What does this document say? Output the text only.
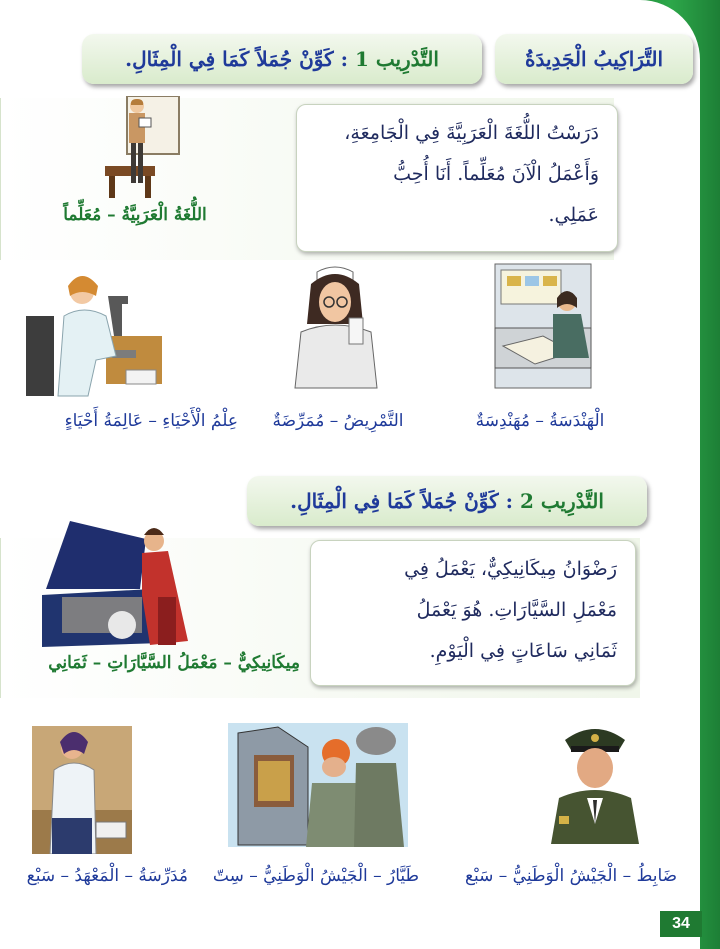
التَّرَاكِيبُ الْجَدِيدَةُ
التَّدْرِيب 1
:
كَوِّنْ جُمَلاً كَمَا فِي الْمِثَالِ.
دَرَسْتُ اللُّغَةَ الْعَرَبِيَّةَ فِي الْجَامِعَةِ،
وَأَعْمَلُ الْآنَ مُعَلِّماً. أَنَا أُحِبُّ
عَمَلِي.
اللُّغَةُ الْعَرَبِيَّةُ – مُعَلِّماً
الْهَنْدَسَةُ – مُهَنْدِسَةٌ
التَّمْرِيضُ – مُمَرِّضَةٌ
عِلْمُ الْأَحْيَاءِ – عَالِمَةُ أَحْيَاءٍ
التَّدْرِيب 2
:
كَوِّنْ جُمَلاً كَمَا فِي الْمِثَالِ.
رَضْوَانُ مِيكَانِيكِيٌّ، يَعْمَلُ فِي
مَعْمَلِ السَّيَّارَاتِ. هُوَ يَعْمَلُ
ثَمَانِي سَاعَاتٍ فِي الْيَوْمِ.
مِيكَانِيكِيٌّ – مَعْمَلُ السَّيَّارَاتِ – ثَمَانِي
ضَابِطُ – الْجَيْشُ الْوَطَنِيُّ – سَبْع
طَيَّارُ – الْجَيْشُ الْوَطَنِيُّ – سِتّ
مُدَرِّسَةُ – الْمَعْهَدُ – سَبْع
34
